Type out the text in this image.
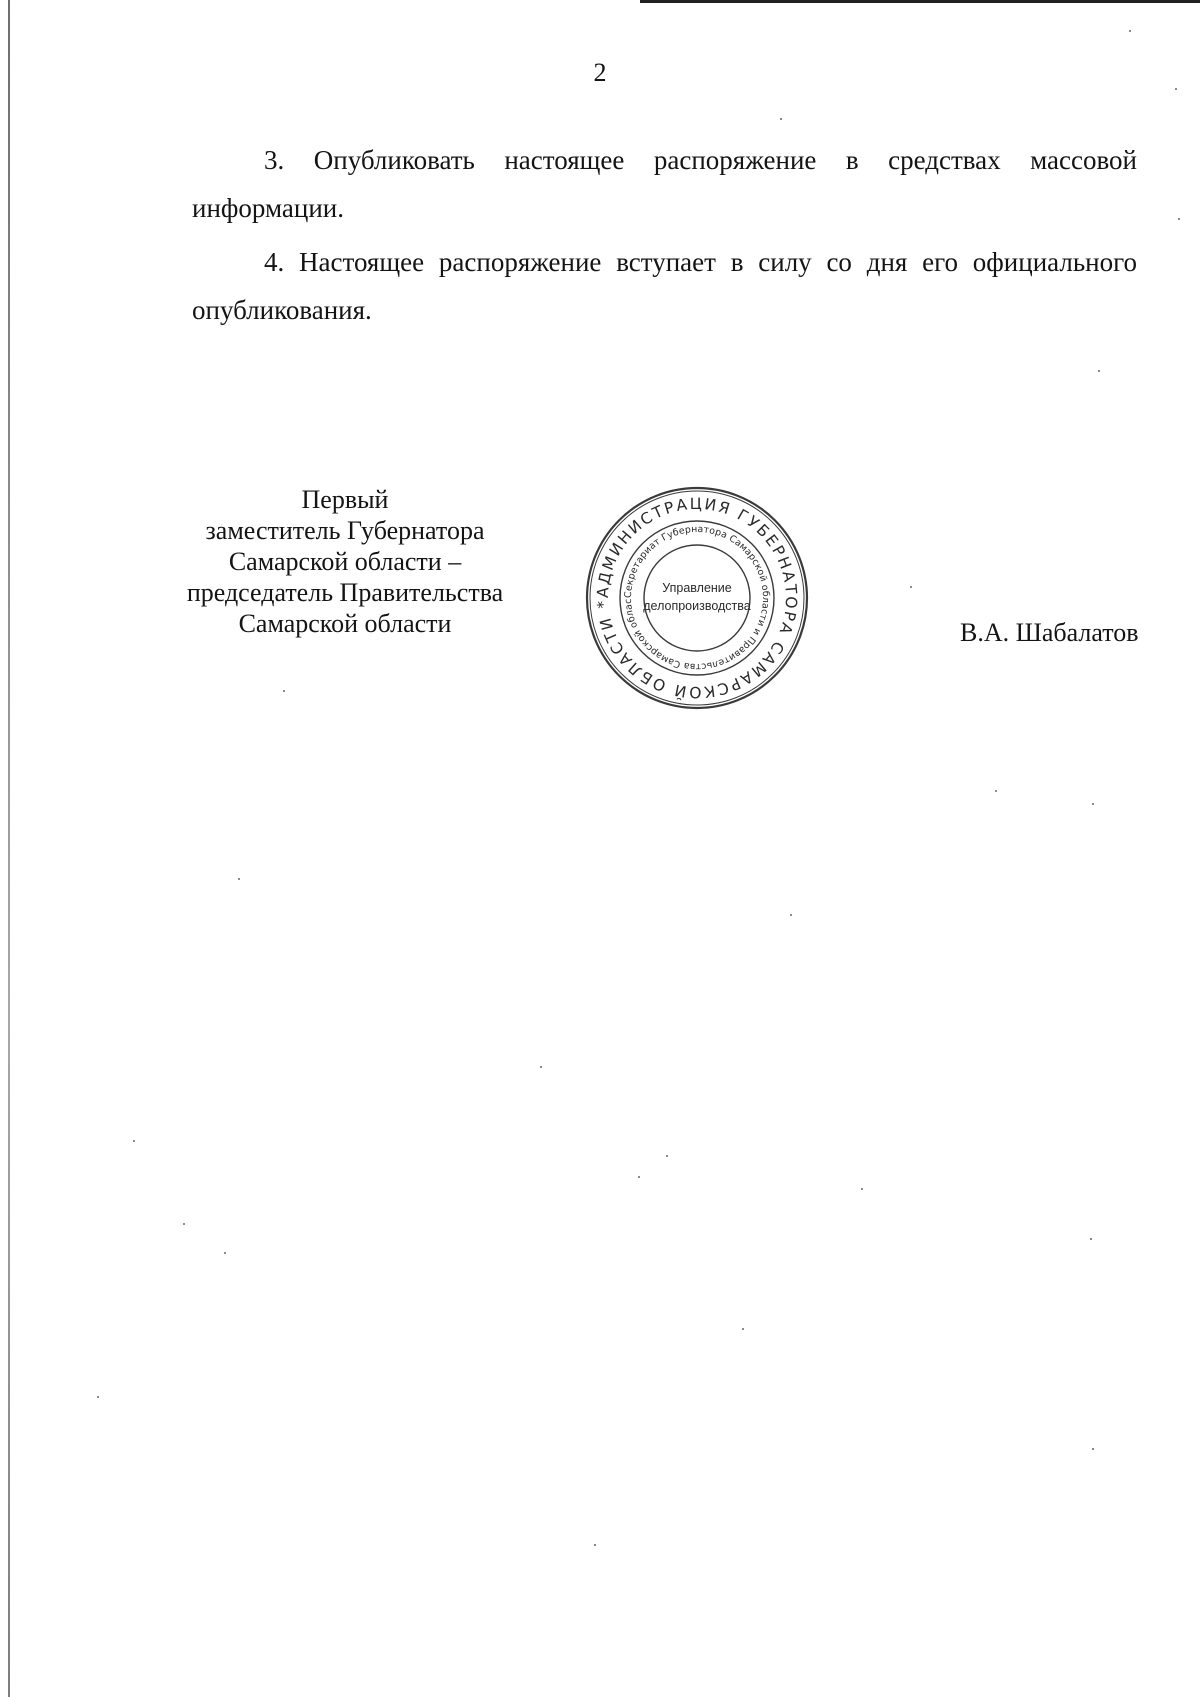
2

3. Опубликовать настоящее распоряжение в средствах массовой информации.

4. Настоящее распоряжение вступает в силу со дня его официального опубликования.

Первый
заместитель Губернатора
Самарской области –
председатель Правительства
Самарской области
АДМИНИСТРАЦИЯ ГУБЕРНАТОРА САМАРСКОЙ ОБЛАСТИ *
Секретариат Губернатора Самарской области и Правительства Самарской облас
Управление
делопроизводства
В.А. Шабалатов
